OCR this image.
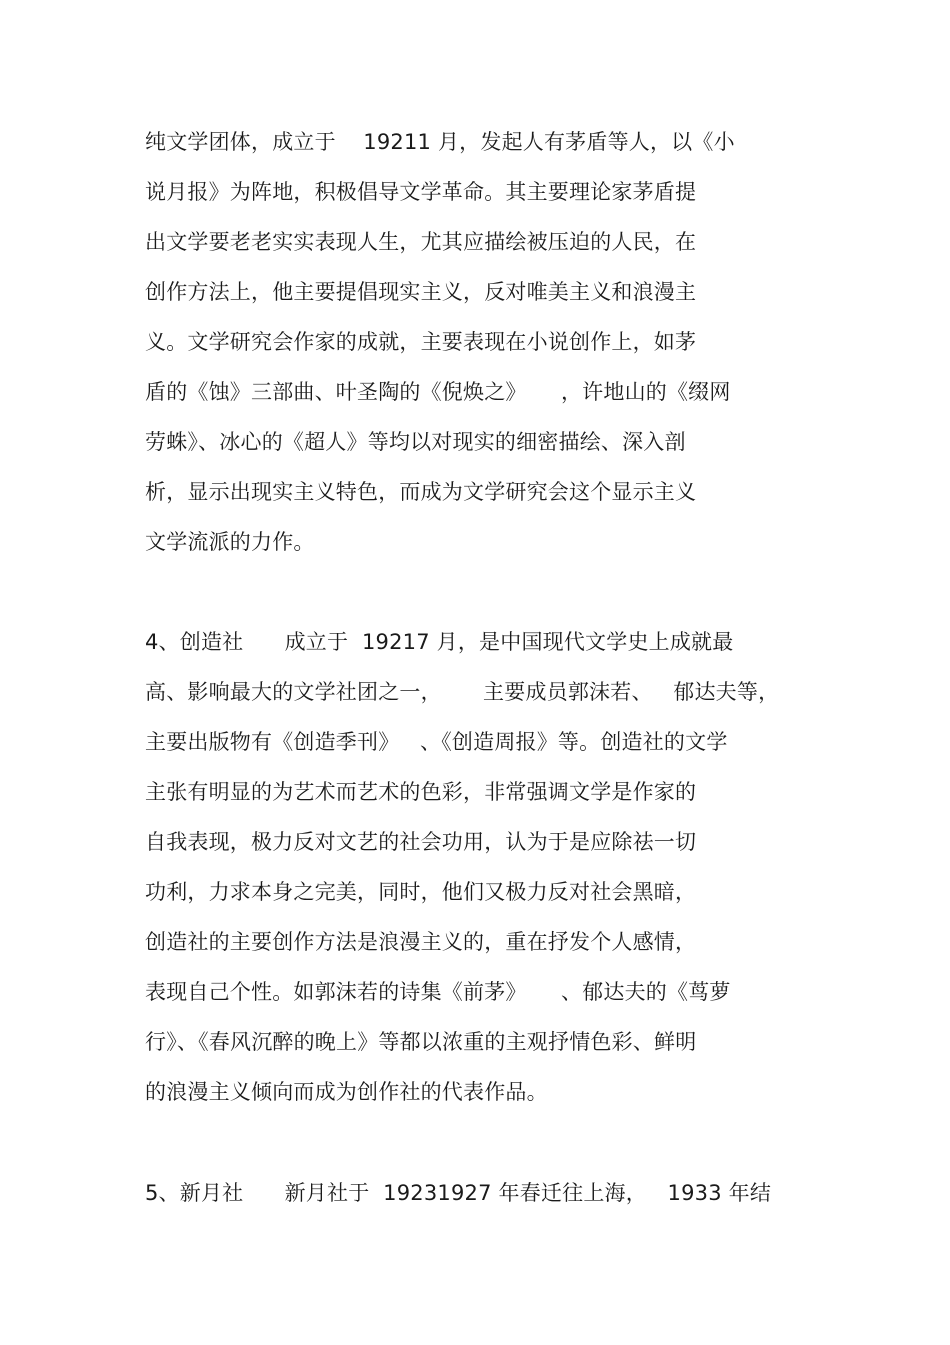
纯文学团体，成立于    19211 月，发起人有茅盾等人，以《小
说月报》为阵地，积极倡导文学革命。其主要理论家茅盾提
出文学要老老实实表现人生，尤其应描绘被压迫的人民，在
创作方法上，他主要提倡现实主义，反对唯美主义和浪漫主
义。文学研究会作家的成就，主要表现在小说创作上，如茅
盾的《蚀》三部曲、叶圣陶的《倪焕之》     ，许地山的《缀网
劳蛛》、冰心的《超人》等均以对现实的细密描绘、深入剖
析，显示出现实主义特色，而成为文学研究会这个显示主义
文学流派的力作。
4、创造社      成立于  19217 月，是中国现代文学史上成就最
高、影响最大的文学社团之一，      主要成员郭沫若、   郁达夫等，
主要出版物有《创造季刊》   、《创造周报》等。创造社的文学
主张有明显的为艺术而艺术的色彩，非常强调文学是作家的
自我表现，极力反对文艺的社会功用，认为于是应除祛一切
功利，力求本身之完美，同时，他们又极力反对社会黑暗，
创造社的主要创作方法是浪漫主义的，重在抒发个人感情，
表现自己个性。如郭沫若的诗集《前茅》     、郁达夫的《茑萝
行》、《春风沉醉的晚上》等都以浓重的主观抒情色彩、鲜明
的浪漫主义倾向而成为创作社的代表作品。
5、新月社      新月社于  19231927 年春迁往上海，   1933 年结
